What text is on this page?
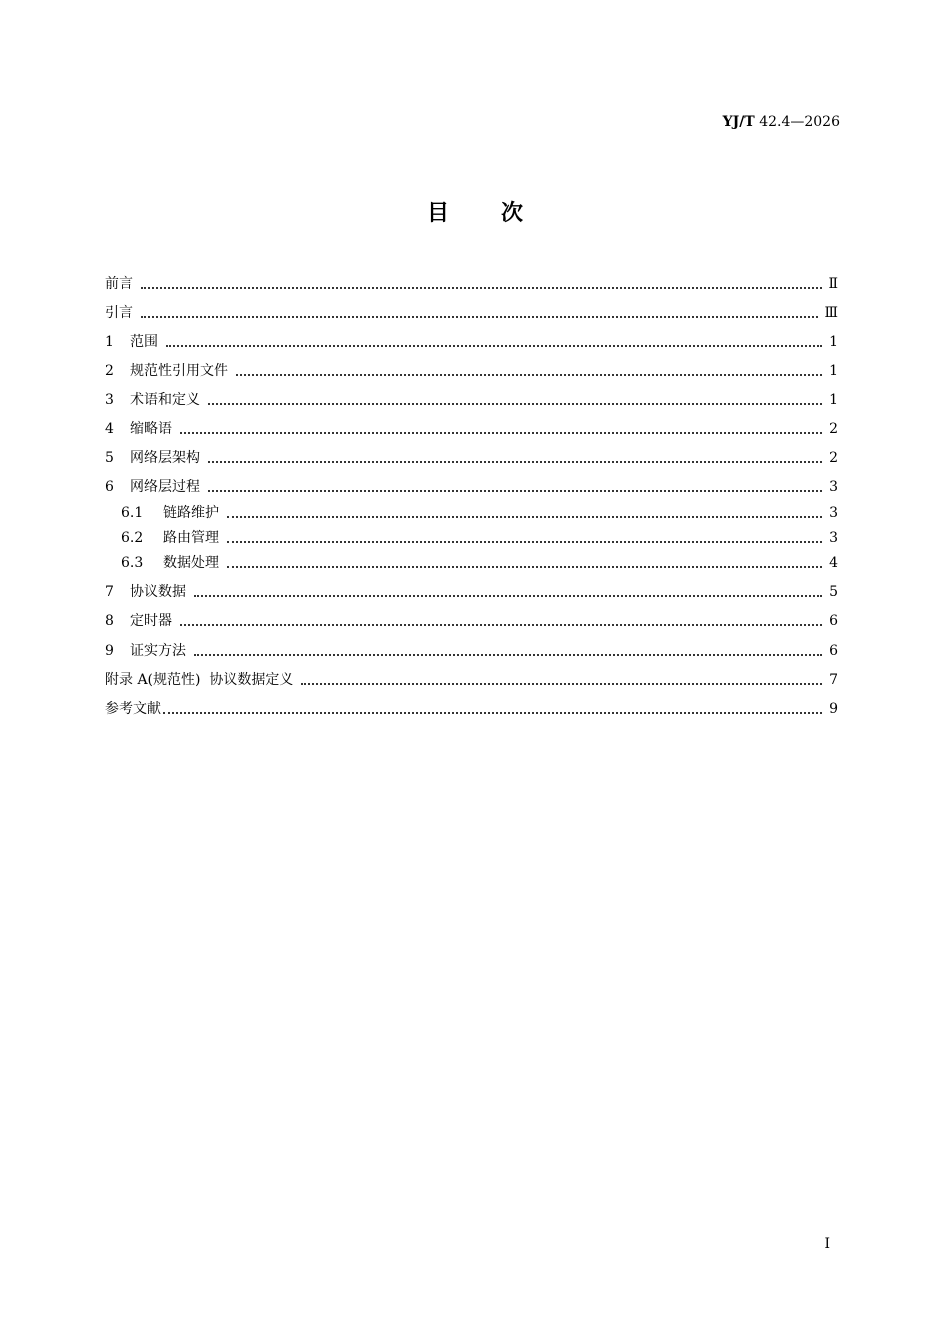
YJ/T 42.4—2026
目 次
前言	Ⅱ
引言	Ⅲ
1 范围	1
2 规范性引用文件	1
3 术语和定义	1
4 缩略语	2
5 网络层架构	2
6 网络层过程	3
6.1 链路维护	3
6.2 路由管理	3
6.3 数据处理	4
7 协议数据	5
8 定时器	6
9 证实方法	6
附录 A(规范性)  协议数据定义	7
参考文献	9
I
